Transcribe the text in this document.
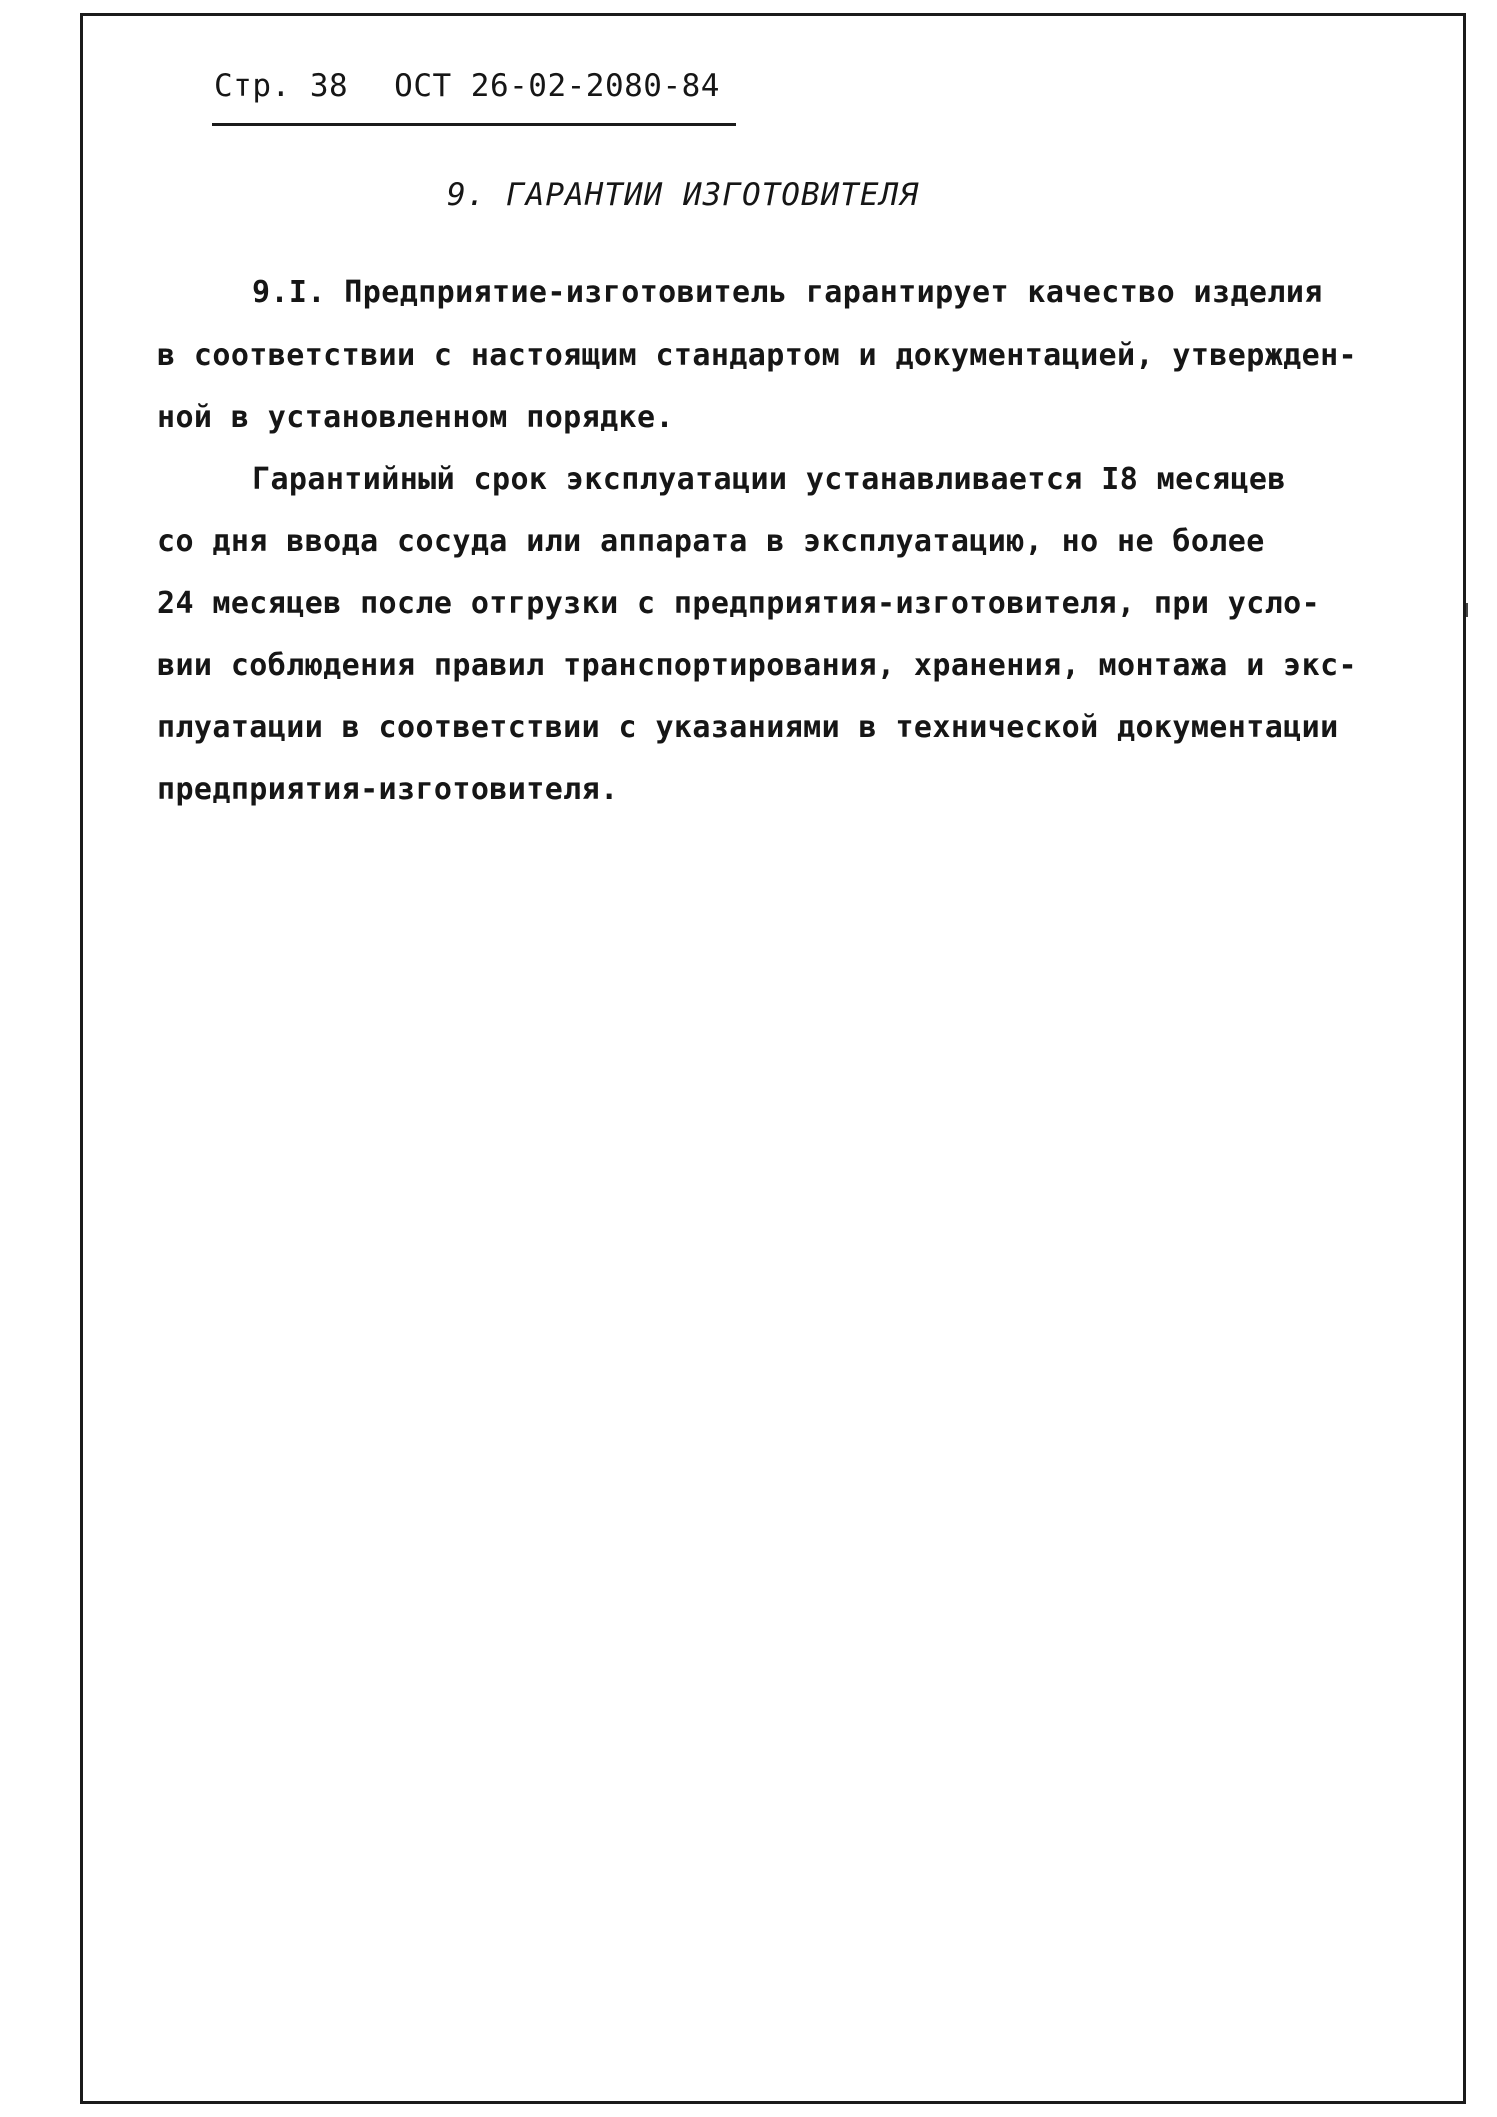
Стр. 38 ОСТ 26-02-2080-84
9. ГАРАНТИИ ИЗГОТОВИТЕЛЯ
9.I. Предприятие-изготовитель гарантирует качество изделия
в соответствии с настоящим стандартом и документацией, утвержден-
ной в установленном порядке.
Гарантийный срок эксплуатации устанавливается I8 месяцев
со дня ввода сосуда или аппарата в эксплуатацию, но не более
24 месяцев после отгрузки с предприятия-изготовителя, при усло-
вии соблюдения правил транспортирования, хранения, монтажа и экс-
плуатации в соответствии с указаниями в технической документации
предприятия-изготовителя.
